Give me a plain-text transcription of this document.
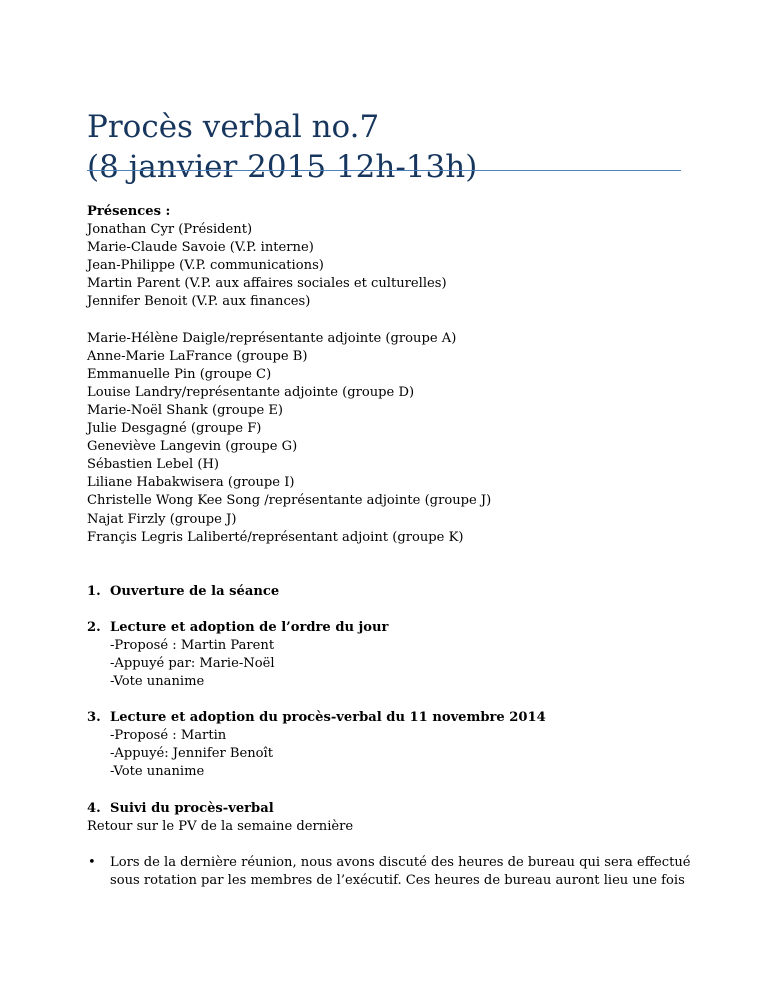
Procès verbal no.7
(8 janvier 2015 12h-13h)
Présences :
Jonathan Cyr (Président)
Marie-Claude Savoie (V.P. interne)
Jean-Philippe (V.P. communications)
Martin Parent (V.P. aux affaires sociales et culturelles)
Jennifer Benoit (V.P. aux finances)
Marie-Hélène Daigle/représentante adjointe (groupe A)
Anne-Marie LaFrance (groupe B)
Emmanuelle Pin (groupe C)
Louise Landry/représentante adjointe (groupe D)
Marie-Noël Shank (groupe E)
Julie Desgagné (groupe F)
Geneviève Langevin (groupe G)
Sébastien Lebel (H)
Liliane Habakwisera (groupe I)
Christelle Wong Kee Song /représentante adjointe (groupe J)
Najat Firzly (groupe J)
Françis Legris Laliberté/représentant adjoint (groupe K)
1. Ouverture de la séance
2. Lecture et adoption de l’ordre du jour
-Proposé : Martin Parent
-Appuyé par: Marie-Noël
-Vote unanime
3. Lecture et adoption du procès-verbal du 11 novembre 2014
-Proposé : Martin
-Appuyé: Jennifer Benoît
-Vote unanime
4. Suivi du procès-verbal
Retour sur le PV de la semaine dernière
• Lors de la dernière réunion, nous avons discuté des heures de bureau qui sera effectué
sous rotation par les membres de l’exécutif. Ces heures de bureau auront lieu une fois
